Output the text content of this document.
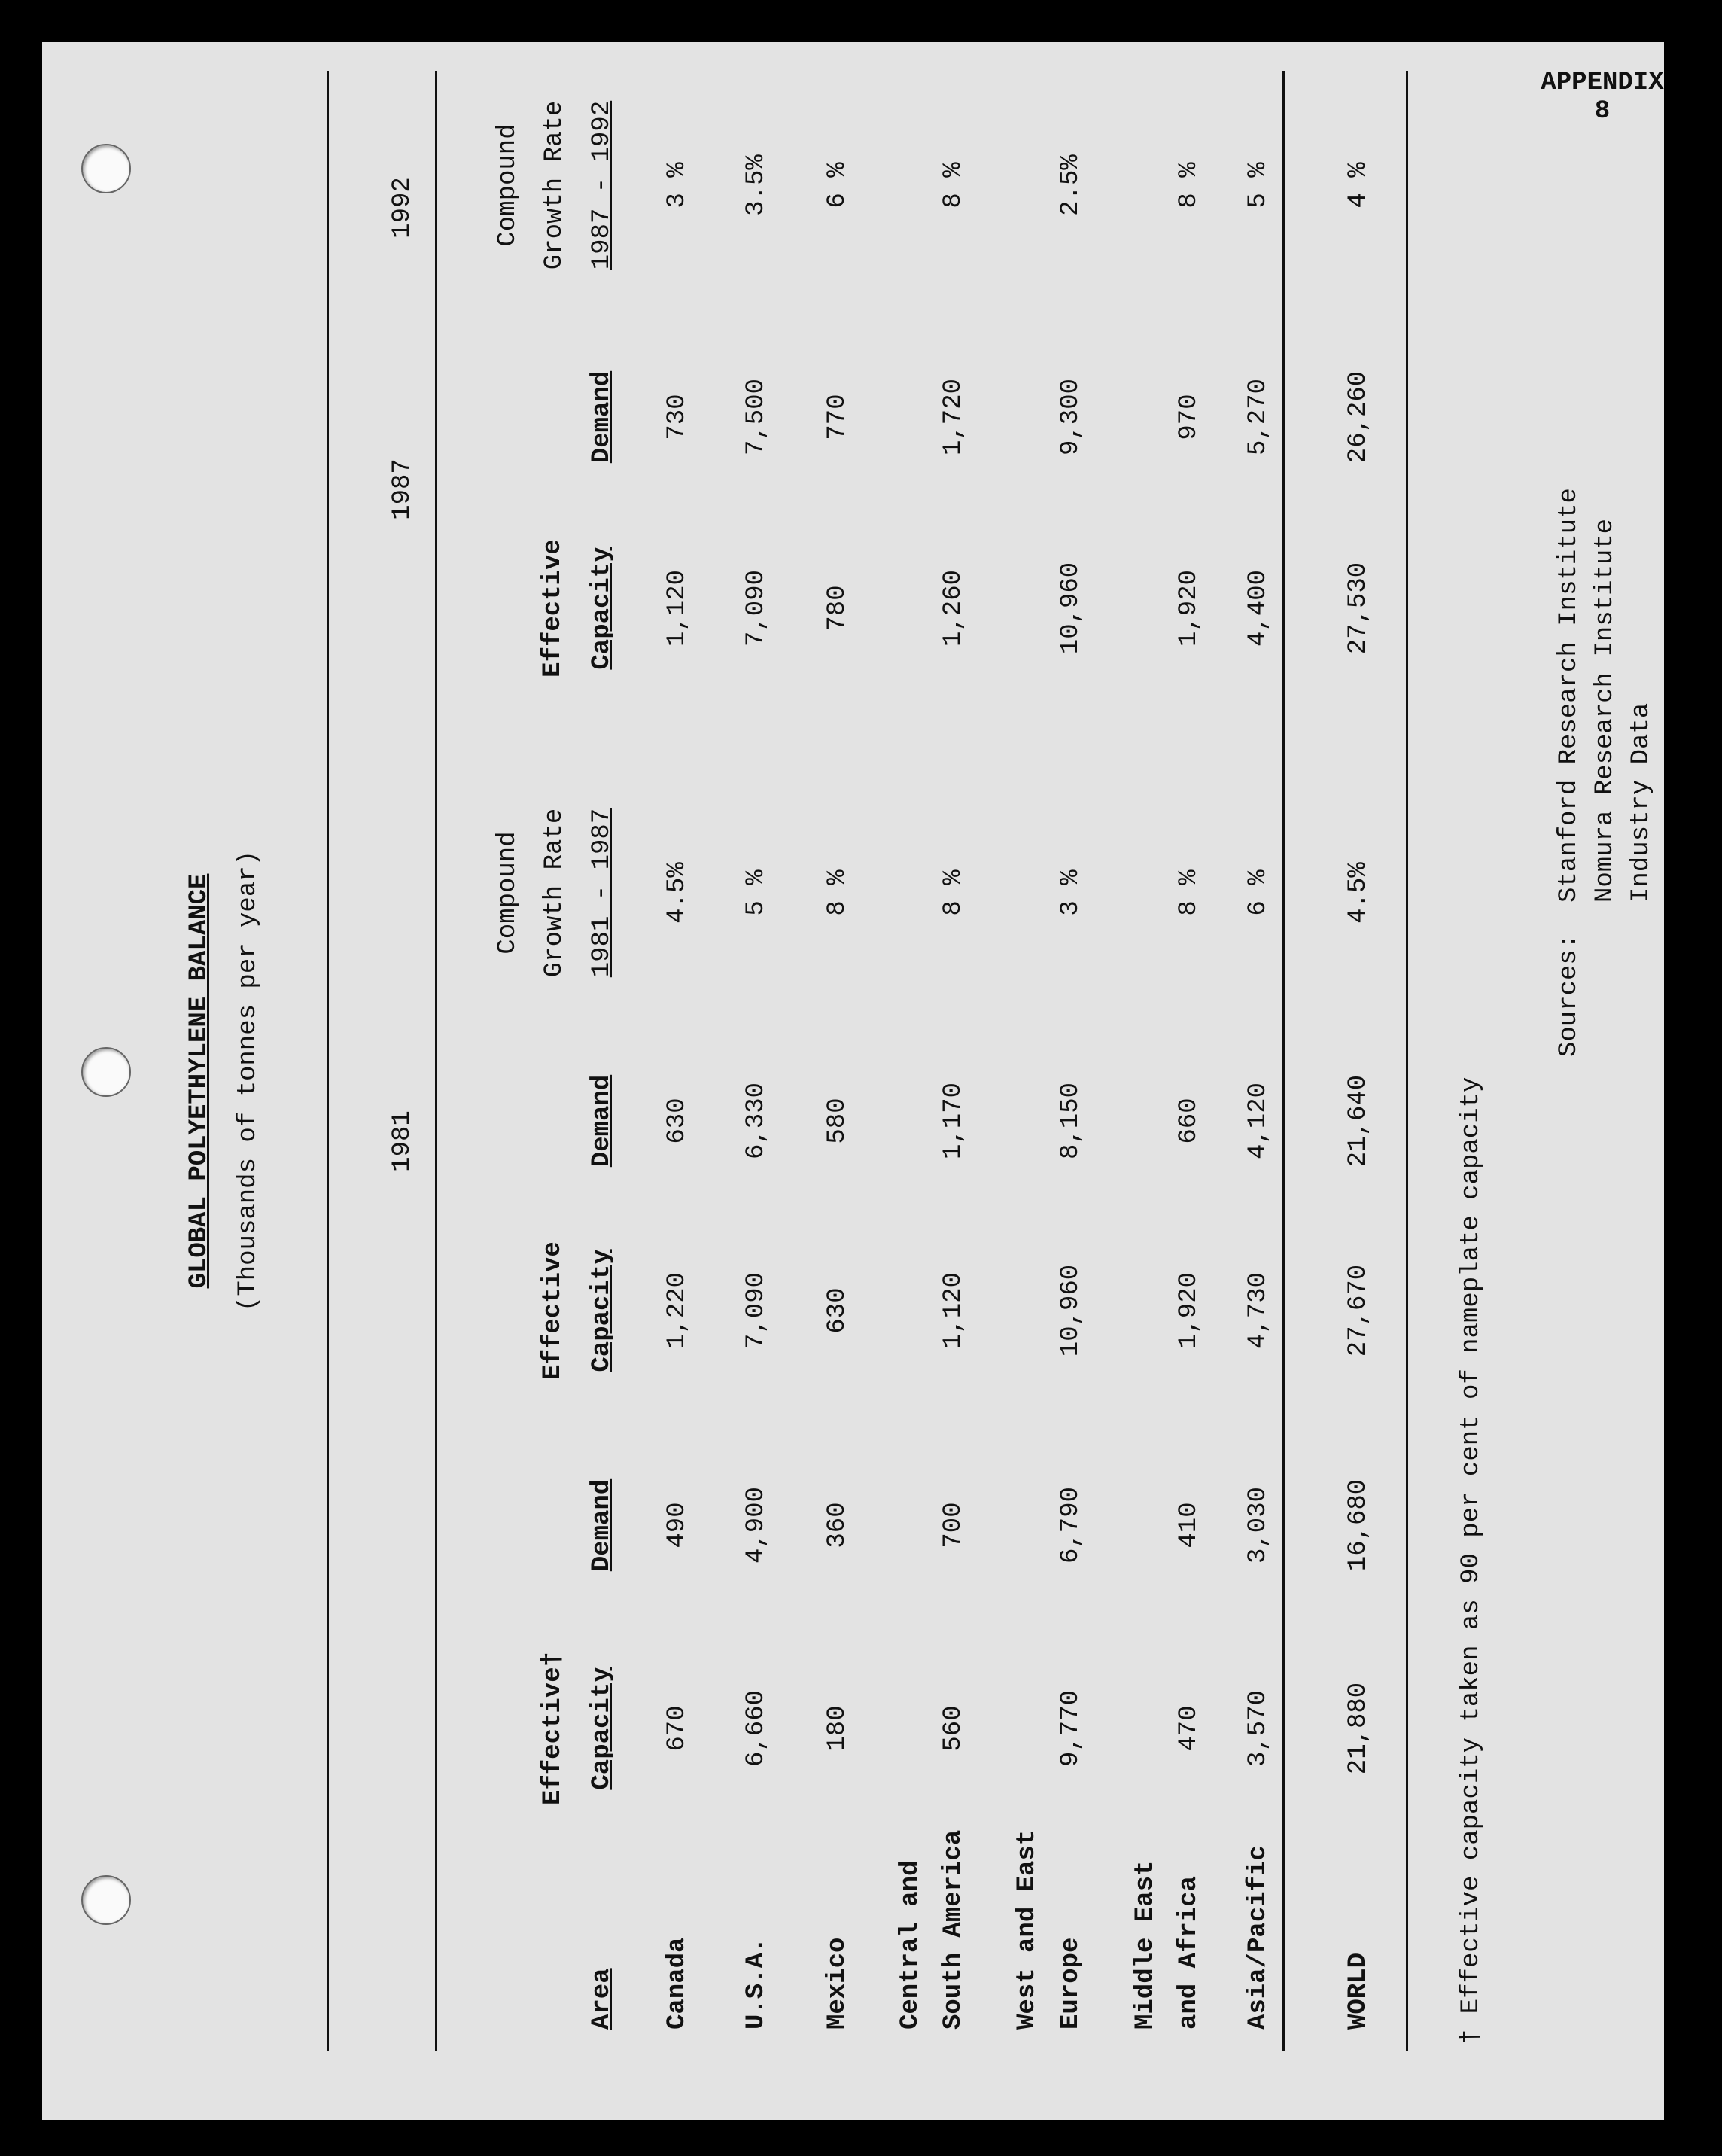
APPENDIX 8
GLOBAL POLYETHYLENE BALANCE (Thousands of tonnes per year)	1981
1987
1992
Area
Effective† Capacity
Demand
Effective Capacity
Demand
Compound Growth Rate 1981 - 1987
Effective Capacity
Demand
Compound Growth Rate 1987 - 1992
Canada
670
490
1,220
630
4.5%
1,120
730
3 %
U.S.A.
6,660
4,900
7,090
6,330
5 %
7,090
7,500
3.5%
Mexico
180
360
630
580
8 %
780
770
6 %
Central and South America
560
700
1,120
1,170
8 %
1,260
1,720
8 %
West and East Europe
9,770
6,790
10,960
8,150
3 %
10,960
9,300
2.5%
Middle East and Africa
470
410
1,920
660
8 %
1,920
970
8 %
Asia/Pacific
3,570
3,030
4,730
4,120
6 %
4,400
5,270
5 %
WORLD
21,880
16,680
27,670
21,640
4.5%
27,530
26,260
4 %
† Effective capacity taken as 90 per cent of nameplate capacity
Sources:
Stanford Research Institute Nomura Research Institute Industry Data
